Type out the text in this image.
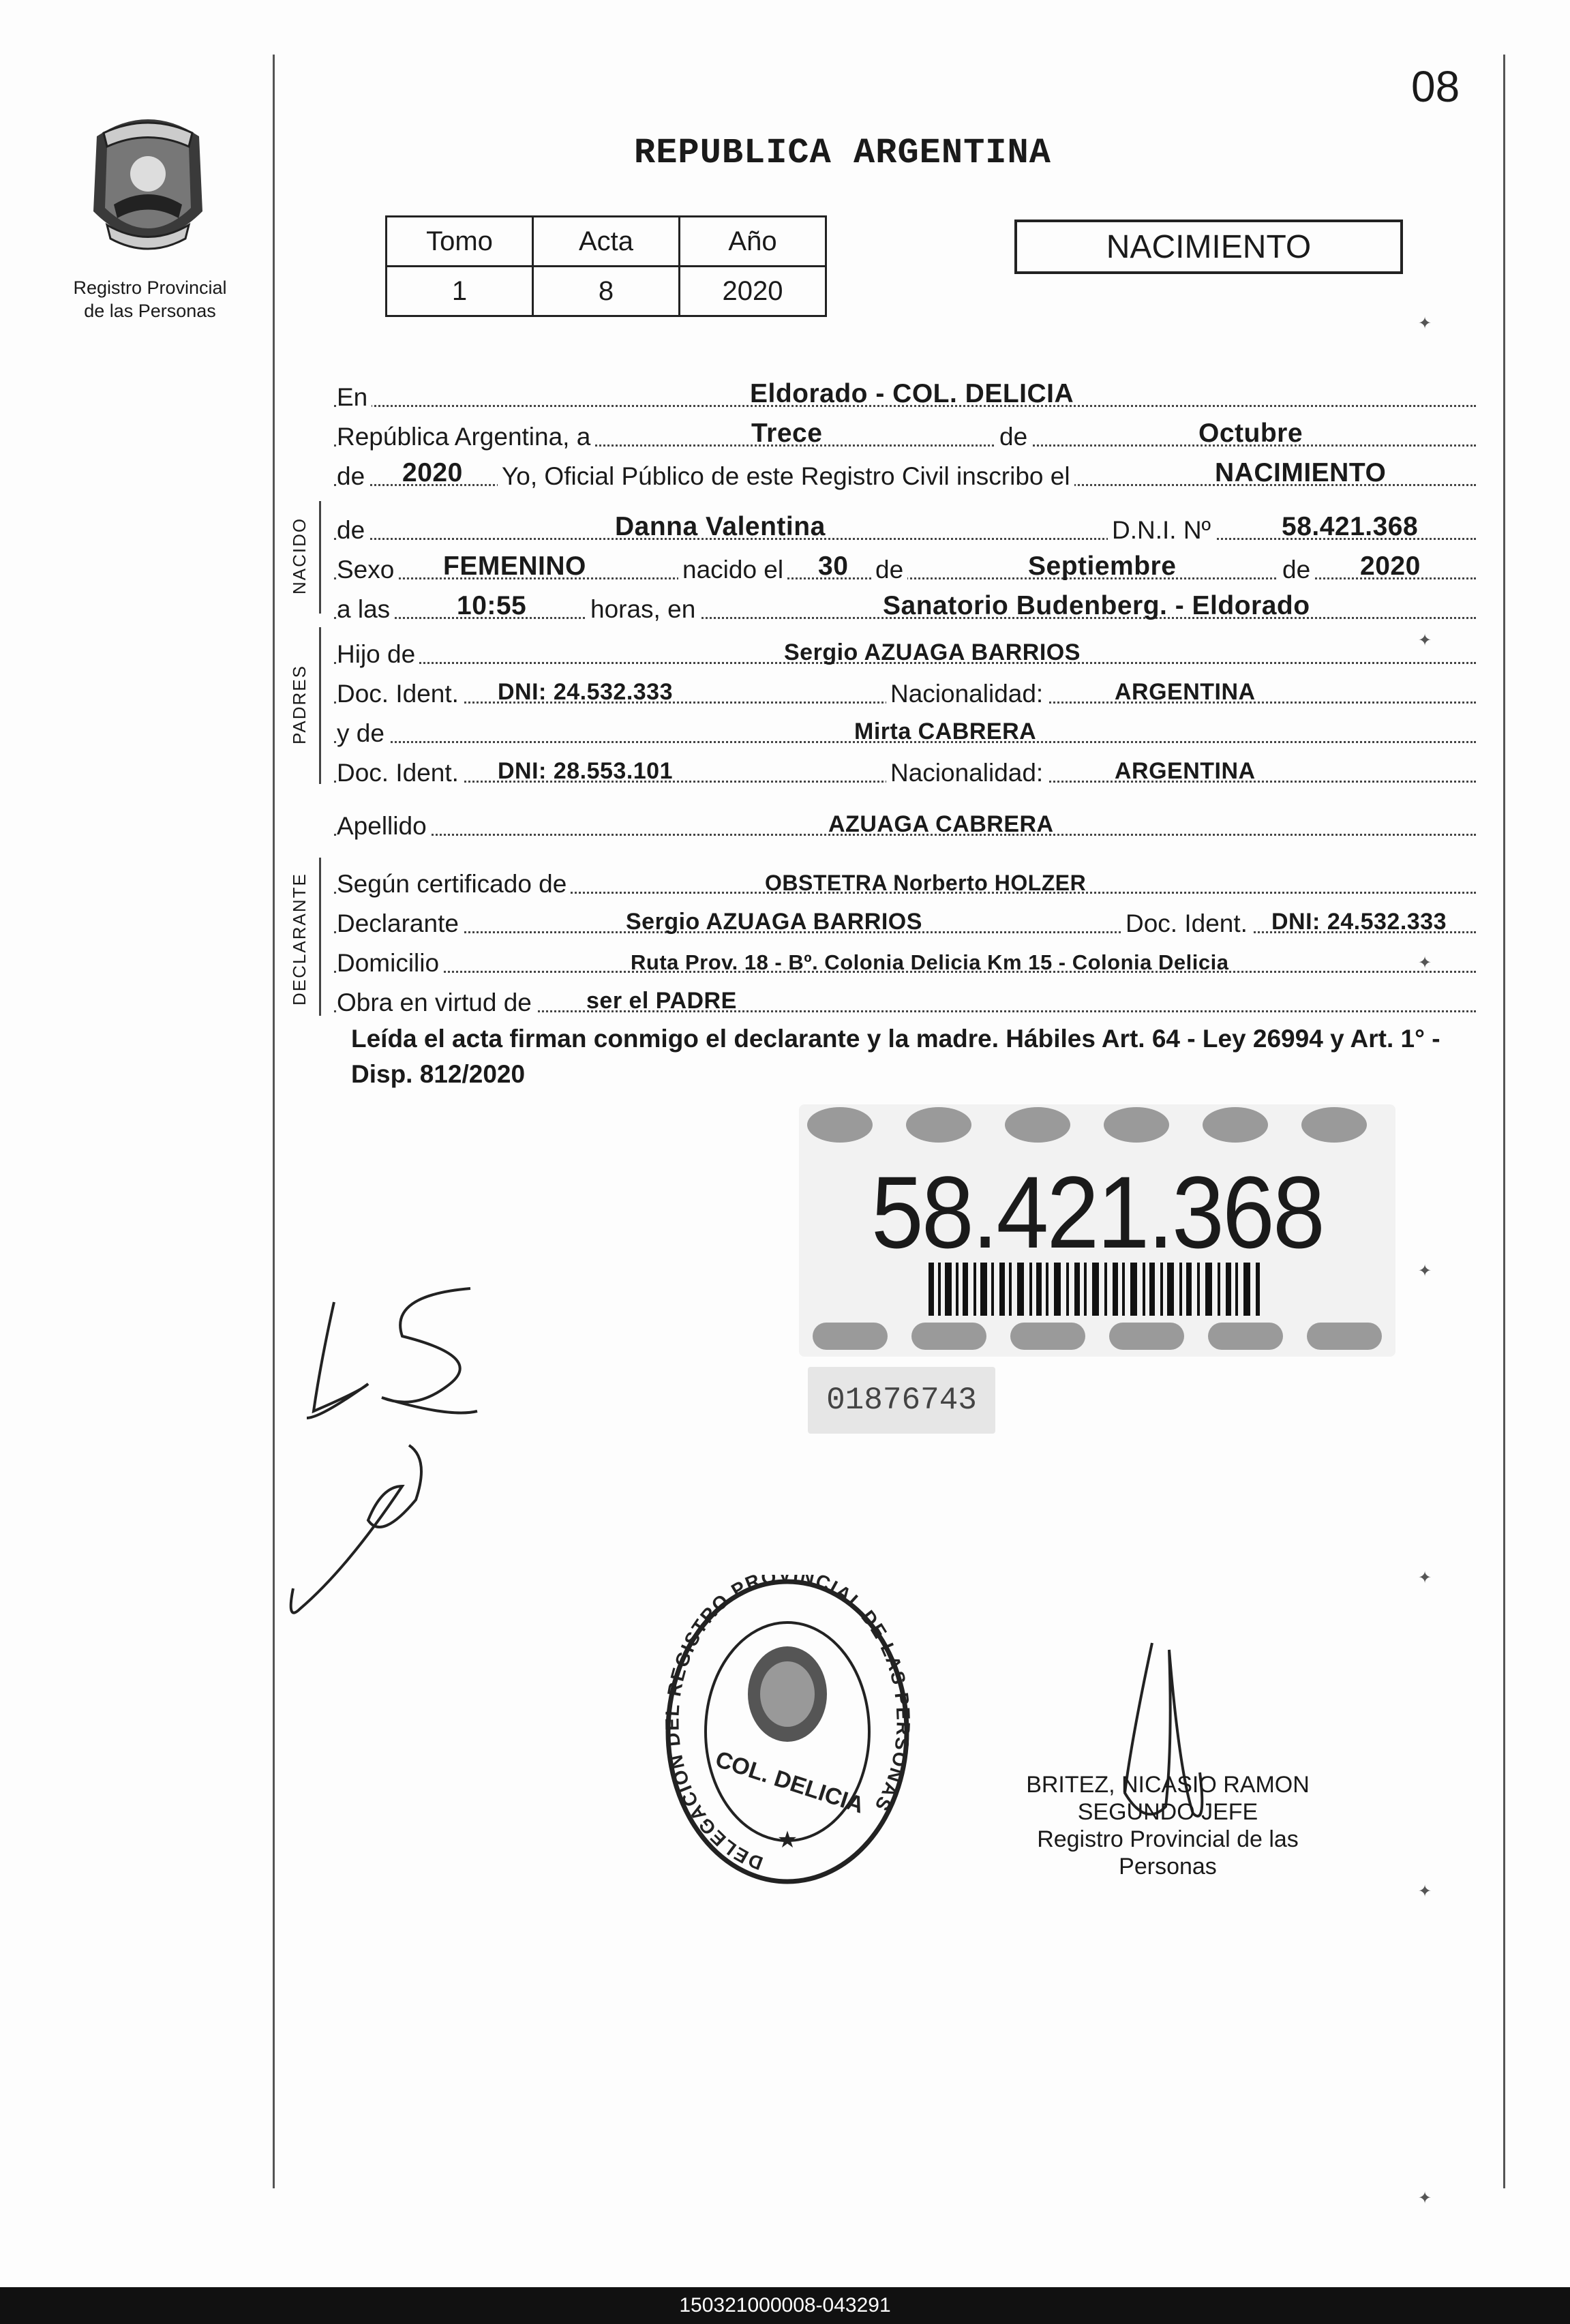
Registro Provincial
de las Personas
08
REPUBLICA ARGENTINA
Tomo	Acta	Año
1	8	2020
NACIMIENTO
En	Eldorado - COL. DELICIA
República Argentina, a	Trece	de	Octubre
de 2020 Yo, Oficial Público de este Registro Civil inscribo el	NACIMIENTO
NACIDO de	Danna Valentina	D.N.I. Nº	58.421.368
Sexo FEMENINO	nacido el 30 de	Septiembre	de 2020
a las	10:55	horas, en	Sanatorio Budenberg. - Eldorado
PADRES
Hijo de	Sergio AZUAGA BARRIOS
Doc. Ident. DNI: 24.532.333	Nacionalidad:	ARGENTINA
y de	Mirta CABRERA
Doc. Ident. DNI: 28.553.101	Nacionalidad:	ARGENTINA
Apellido	AZUAGA CABRERA
DECLARANTE Según certificado de	OBSTETRA Norberto HOLZER
Declarante	Sergio AZUAGA BARRIOS	Doc. Ident. DNI: 24.532.333
Domicilio	Ruta Prov. 18 - Bº. Colonia Delicia Km 15 - Colonia Delicia
Obra en virtud de ser el PADRE
Leída el acta firman conmigo el declarante y la madre. Hábiles Art. 64 - Ley 26994 y Art. 1° - Disp. 812/2020
58.421.368
01876743
DELEGACION DEL REGISTRO PROVINCIAL DE LAS PERSONAS
COL. DELICIA
★
BRITEZ, NICASIO RAMON
SEGUNDO JEFE
Registro Provincial de las
Personas
✦
✦
✦
✦
✦
✦
✦
150321000008-043291
